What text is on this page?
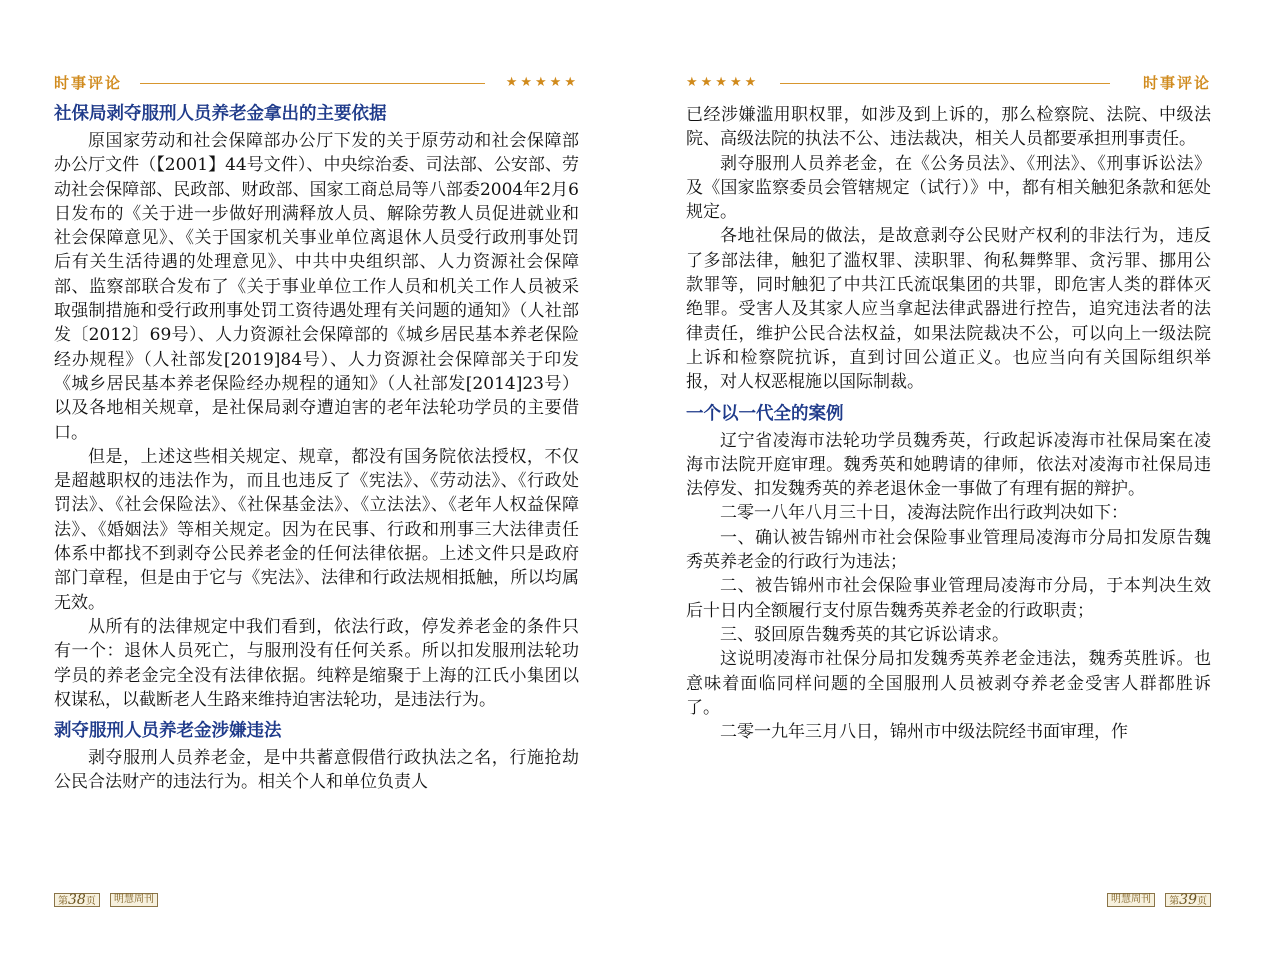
时事评论	★★★★★
社保局剥夺服刑人员养老金拿出的主要依据

原国家劳动和社会保障部办公厅下发的关于原劳动和社会保障部办公厅文件（【2001】44号文件）、中央综治委、司法部、公安部、劳动社会保障部、民政部、财政部、国家工商总局等八部委2004年2月6日发布的《关于进一步做好刑满释放人员、解除劳教人员促进就业和社会保障意见》、《关于国家机关事业单位离退休人员受行政刑事处罚后有关生活待遇的处理意见》、中共中央组织部、人力资源社会保障部、监察部联合发布了《关于事业单位工作人员和机关工作人员被采取强制措施和受行政刑事处罚工资待遇处理有关问题的通知》（人社部发〔2012〕69号）、人力资源社会保障部的《城乡居民基本养老保险经办规程》（人社部发[2019]84号）、人力资源社会保障部关于印发《城乡居民基本养老保险经办规程的通知》（人社部发[2014]23号）以及各地相关规章，是社保局剥夺遭迫害的老年法轮功学员的主要借口。

但是，上述这些相关规定、规章，都没有国务院依法授权，不仅是超越职权的违法作为，而且也违反了《宪法》、《劳动法》、《行政处罚法》、《社会保险法》、《社保基金法》、《立法法》、《老年人权益保障法》、《婚姻法》等相关规定。因为在民事、行政和刑事三大法律责任体系中都找不到剥夺公民养老金的任何法律依据。上述文件只是政府部门章程，但是由于它与《宪法》、法律和行政法规相抵触，所以均属无效。

从所有的法律规定中我们看到，依法行政，停发养老金的条件只有一个：退休人员死亡，与服刑没有任何关系。所以扣发服刑法轮功学员的养老金完全没有法律依据。纯粹是缩聚于上海的江氏小集团以权谋私，以截断老人生路来维持迫害法轮功，是违法行为。

剥夺服刑人员养老金涉嫌违法

剥夺服刑人员养老金，是中共蓄意假借行政执法之名，行施抢劫公民合法财产的违法行为。相关个人和单位负责人

第38页	明慧周刊
★★★★★	时事评论

已经涉嫌滥用职权罪，如涉及到上诉的，那么检察院、法院、中级法院、高级法院的执法不公、违法裁决，相关人员都要承担刑事责任。

剥夺服刑人员养老金，在《公务员法》、《刑法》、《刑事诉讼法》及《国家监察委员会管辖规定（试行）》中，都有相关触犯条款和惩处规定。

各地社保局的做法，是故意剥夺公民财产权利的非法行为，违反了多部法律，触犯了滥权罪、渎职罪、徇私舞弊罪、贪污罪、挪用公款罪等，同时触犯了中共江氏流氓集团的共罪，即危害人类的群体灭绝罪。受害人及其家人应当拿起法律武器进行控告，追究违法者的法律责任，维护公民合法权益，如果法院裁决不公，可以向上一级法院上诉和检察院抗诉，直到讨回公道正义。也应当向有关国际组织举报，对人权恶棍施以国际制裁。

一个以一代全的案例

辽宁省凌海市法轮功学员魏秀英，行政起诉凌海市社保局案在凌海市法院开庭审理。魏秀英和她聘请的律师，依法对凌海市社保局违法停发、扣发魏秀英的养老退休金一事做了有理有据的辩护。

二零一八年八月三十日，凌海法院作出行政判决如下：

一、确认被告锦州市社会保险事业管理局凌海市分局扣发原告魏秀英养老金的行政行为违法；

二、被告锦州市社会保险事业管理局凌海市分局，于本判决生效后十日内全额履行支付原告魏秀英养老金的行政职责；

三、驳回原告魏秀英的其它诉讼请求。

这说明凌海市社保分局扣发魏秀英养老金违法，魏秀英胜诉。也意味着面临同样问题的全国服刑人员被剥夺养老金受害人群都胜诉了。

二零一九年三月八日，锦州市中级法院经书面审理，作

明慧周刊	第39页
